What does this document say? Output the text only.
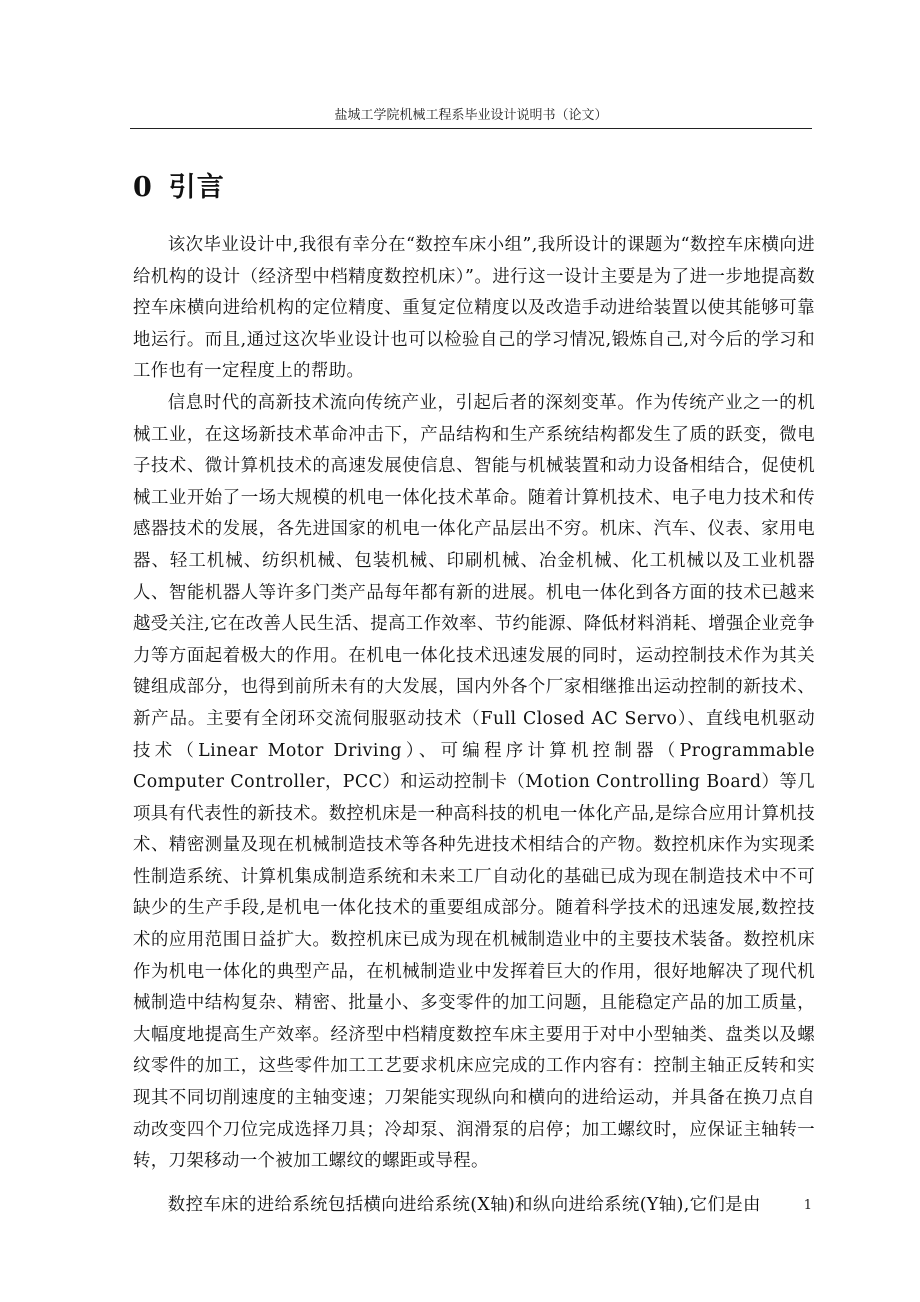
盐城工学院机械工程系毕业设计说明书（论文）
0 引言

该次毕业设计中,我很有幸分在“数控车床小组”,我所设计的课题为“数控车床横向进给机构的设计（经济型中档精度数控机床）”。进行这一设计主要是为了进一步地提高数控车床横向进给机构的定位精度、重复定位精度以及改造手动进给装置以使其能够可靠地运行。而且,通过这次毕业设计也可以检验自己的学习情况,锻炼自己,对今后的学习和工作也有一定程度上的帮助。

信息时代的高新技术流向传统产业，引起后者的深刻变革。作为传统产业之一的机械工业，在这场新技术革命冲击下，产品结构和生产系统结构都发生了质的跃变，微电子技术、微计算机技术的高速发展使信息、智能与机械装置和动力设备相结合，促使机械工业开始了一场大规模的机电一体化技术革命。随着计算机技术、电子电力技术和传感器技术的发展，各先进国家的机电一体化产品层出不穷。机床、汽车、仪表、家用电器、轻工机械、纺织机械、包装机械、印刷机械、冶金机械、化工机械以及工业机器人、智能机器人等许多门类产品每年都有新的进展。机电一体化到各方面的技术已越来越受关注,它在改善人民生活、提高工作效率、节约能源、降低材料消耗、增强企业竞争力等方面起着极大的作用。在机电一体化技术迅速发展的同时，运动控制技术作为其关键组成部分，也得到前所未有的大发展，国内外各个厂家相继推出运动控制的新技术、新产品。主要有全闭环交流伺服驱动技术（Full Closed AC Servo）、直线电机驱动技术（Linear Motor Driving）、可编程序计算机控制器（Programmable Computer Controller，PCC）和运动控制卡（Motion Controlling Board）等几项具有代表性的新技术。数控机床是一种高科技的机电一体化产品,是综合应用计算机技术、精密测量及现在机械制造技术等各种先进技术相结合的产物。数控机床作为实现柔性制造系统、计算机集成制造系统和未来工厂自动化的基础已成为现在制造技术中不可缺少的生产手段,是机电一体化技术的重要组成部分。随着科学技术的迅速发展,数控技术的应用范围日益扩大。数控机床已成为现在机械制造业中的主要技术装备。数控机床作为机电一体化的典型产品，在机械制造业中发挥着巨大的作用，很好地解决了现代机械制造中结构复杂、精密、批量小、多变零件的加工问题，且能稳定产品的加工质量，大幅度地提高生产效率。经济型中档精度数控车床主要用于对中小型轴类、盘类以及螺纹零件的加工，这些零件加工工艺要求机床应完成的工作内容有：控制主轴正反转和实现其不同切削速度的主轴变速；刀架能实现纵向和横向的进给运动，并具备在换刀点自动改变四个刀位完成选择刀具；冷却泵、润滑泵的启停；加工螺纹时，应保证主轴转一转，刀架移动一个被加工螺纹的螺距或导程。

数控车床的进给系统包括横向进给系统(X轴)和纵向进给系统(Y轴),它们是由	1
